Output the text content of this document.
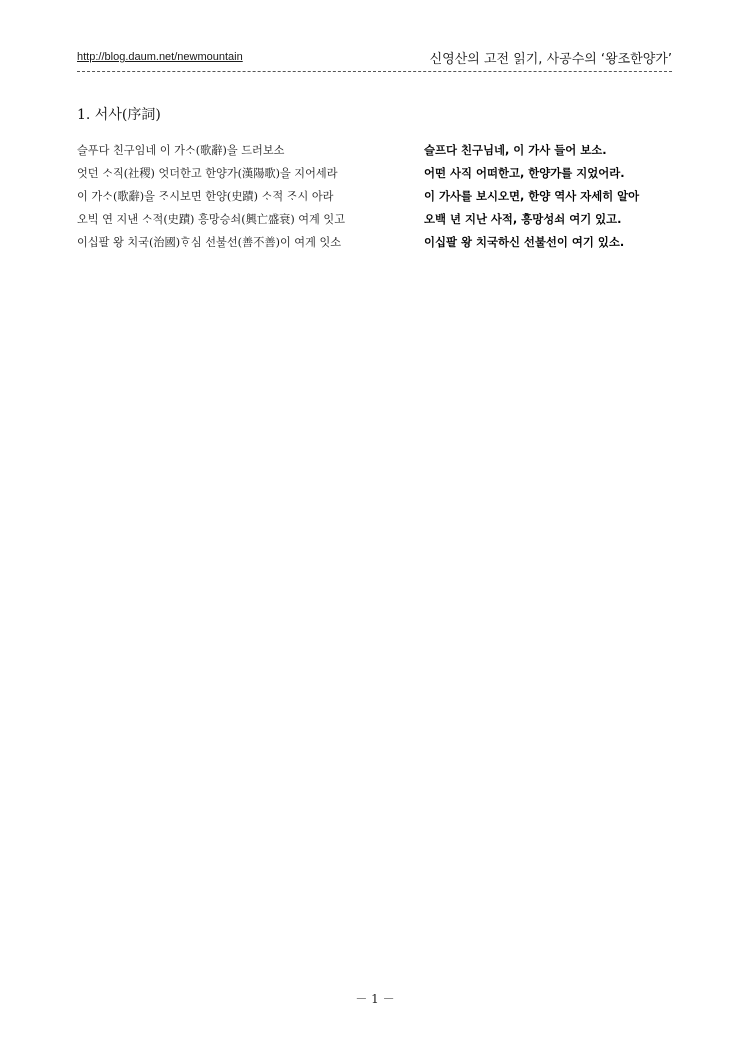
http://blog.daum.net/newmountain	신영산의 고전 읽기, 사공수의 ‘왕조한양가’
1. 서사(序詞)
슬푸다 친구임네 이 가ᄉᆞ(歌辭)을 드러보소
엇던 ᄉᆞ직(社稷) 엇더한고 한양가(漢陽歌)을 지어세라
이 가ᄉᆞ(歌辭)을 ᄌᆞ시보면 한양(史蹟) ᄉᆞ적 ᄌᆞ시 아라
오빅 연 지낸 ᄉᆞ적(史蹟) 흥망승쇠(興亡盛衰) 여계 잇고
이십팔 왕 치국(治國)ᄒᆞ심 선불선(善不善)이 여게 잇소
슬프다 친구님네, 이 가사 들어 보소.
어떤 사직 어떠한고, 한양가를 지었어라.
이 가사를 보시오면, 한양 역사 자세히 알아
오백 년 지난 사적, 흥망성쇠 여기 있고.
이십팔 왕 치국하신 선불선이 여기 있소.
－ 1 －
